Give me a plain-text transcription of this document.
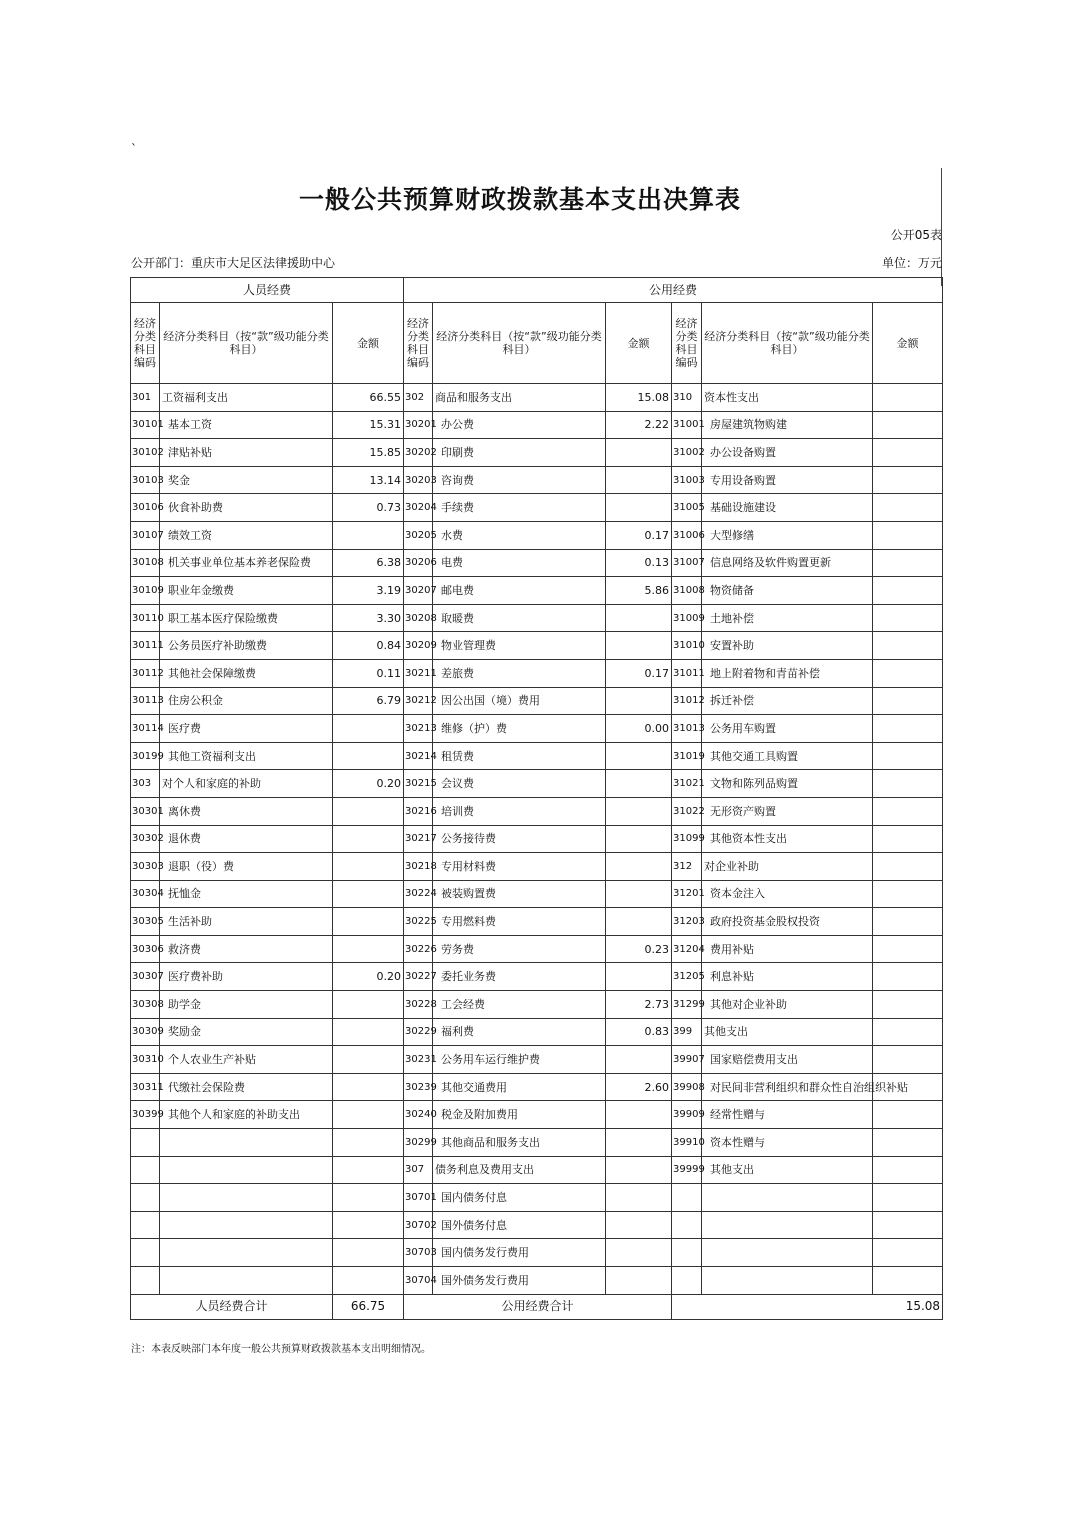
`
一般公共预算财政拨款基本支出决算表
公开05表
公开部门：重庆市大足区法律援助中心	单位：万元
人员经费			公用经费					
经济分类科目编码	经济分类科目（按“款”级功能分类科目）	金额	经济分类科目编码	经济分类科目（按“款”级功能分类科目）	金额	经济分类科目编码	经济分类科目（按“款”级功能分类科目）	金额
301	工资福利支出	66.55	302	商品和服务支出	15.08	310	资本性支出	
30101	基本工资	15.31	30201	办公费	2.22	31001	房屋建筑物购建	
30102	津贴补贴	15.85	30202	印刷费		31002	办公设备购置	
30103	奖金	13.14	30203	咨询费		31003	专用设备购置	
30106	伙食补助费	0.73	30204	手续费		31005	基础设施建设	
30107	绩效工资		30205	水费	0.17	31006	大型修缮	
30108	机关事业单位基本养老保险费	6.38	30206	电费	0.13	31007	信息网络及软件购置更新	
30109	职业年金缴费	3.19	30207	邮电费	5.86	31008	物资储备	
30110	职工基本医疗保险缴费	3.30	30208	取暖费		31009	土地补偿	
30111	公务员医疗补助缴费	0.84	30209	物业管理费		31010	安置补助	
30112	其他社会保障缴费	0.11	30211	差旅费	0.17	31011	地上附着物和青苗补偿	
30113	住房公积金	6.79	30212	因公出国（境）费用		31012	拆迁补偿	
30114	医疗费		30213	维修（护）费	0.00	31013	公务用车购置	
30199	其他工资福利支出		30214	租赁费		31019	其他交通工具购置	
303	对个人和家庭的补助	0.20	30215	会议费		31021	文物和陈列品购置	
30301	离休费		30216	培训费		31022	无形资产购置	
30302	退休费		30217	公务接待费		31099	其他资本性支出	
30303	退职（役）费		30218	专用材料费		312	对企业补助	
30304	抚恤金		30224	被装购置费		31201	资本金注入	
30305	生活补助		30225	专用燃料费		31203	政府投资基金股权投资	
30306	救济费		30226	劳务费	0.23	31204	费用补贴	
30307	医疗费补助	0.20	30227	委托业务费		31205	利息补贴	
30308	助学金		30228	工会经费	2.73	31299	其他对企业补助	
30309	奖励金		30229	福利费	0.83	399	其他支出	
30310	个人农业生产补贴		30231	公务用车运行维护费		39907	国家赔偿费用支出	
30311	代缴社会保险费		30239	其他交通费用	2.60	39908	对民间非营利组织和群众性自治组织补贴	
30399	其他个人和家庭的补助支出		30240	税金及附加费用		39909	经常性赠与	
			30299	其他商品和服务支出		39910	资本性赠与	
			307	债务利息及费用支出		39999	其他支出	
			30701	国内债务付息				
			30702	国外债务付息				
			30703	国内债务发行费用				
			30704	国外债务发行费用				
人员经费合计		66.75	公用经费合计			15.08		
注：本表反映部门本年度一般公共预算财政拨款基本支出明细情况。
